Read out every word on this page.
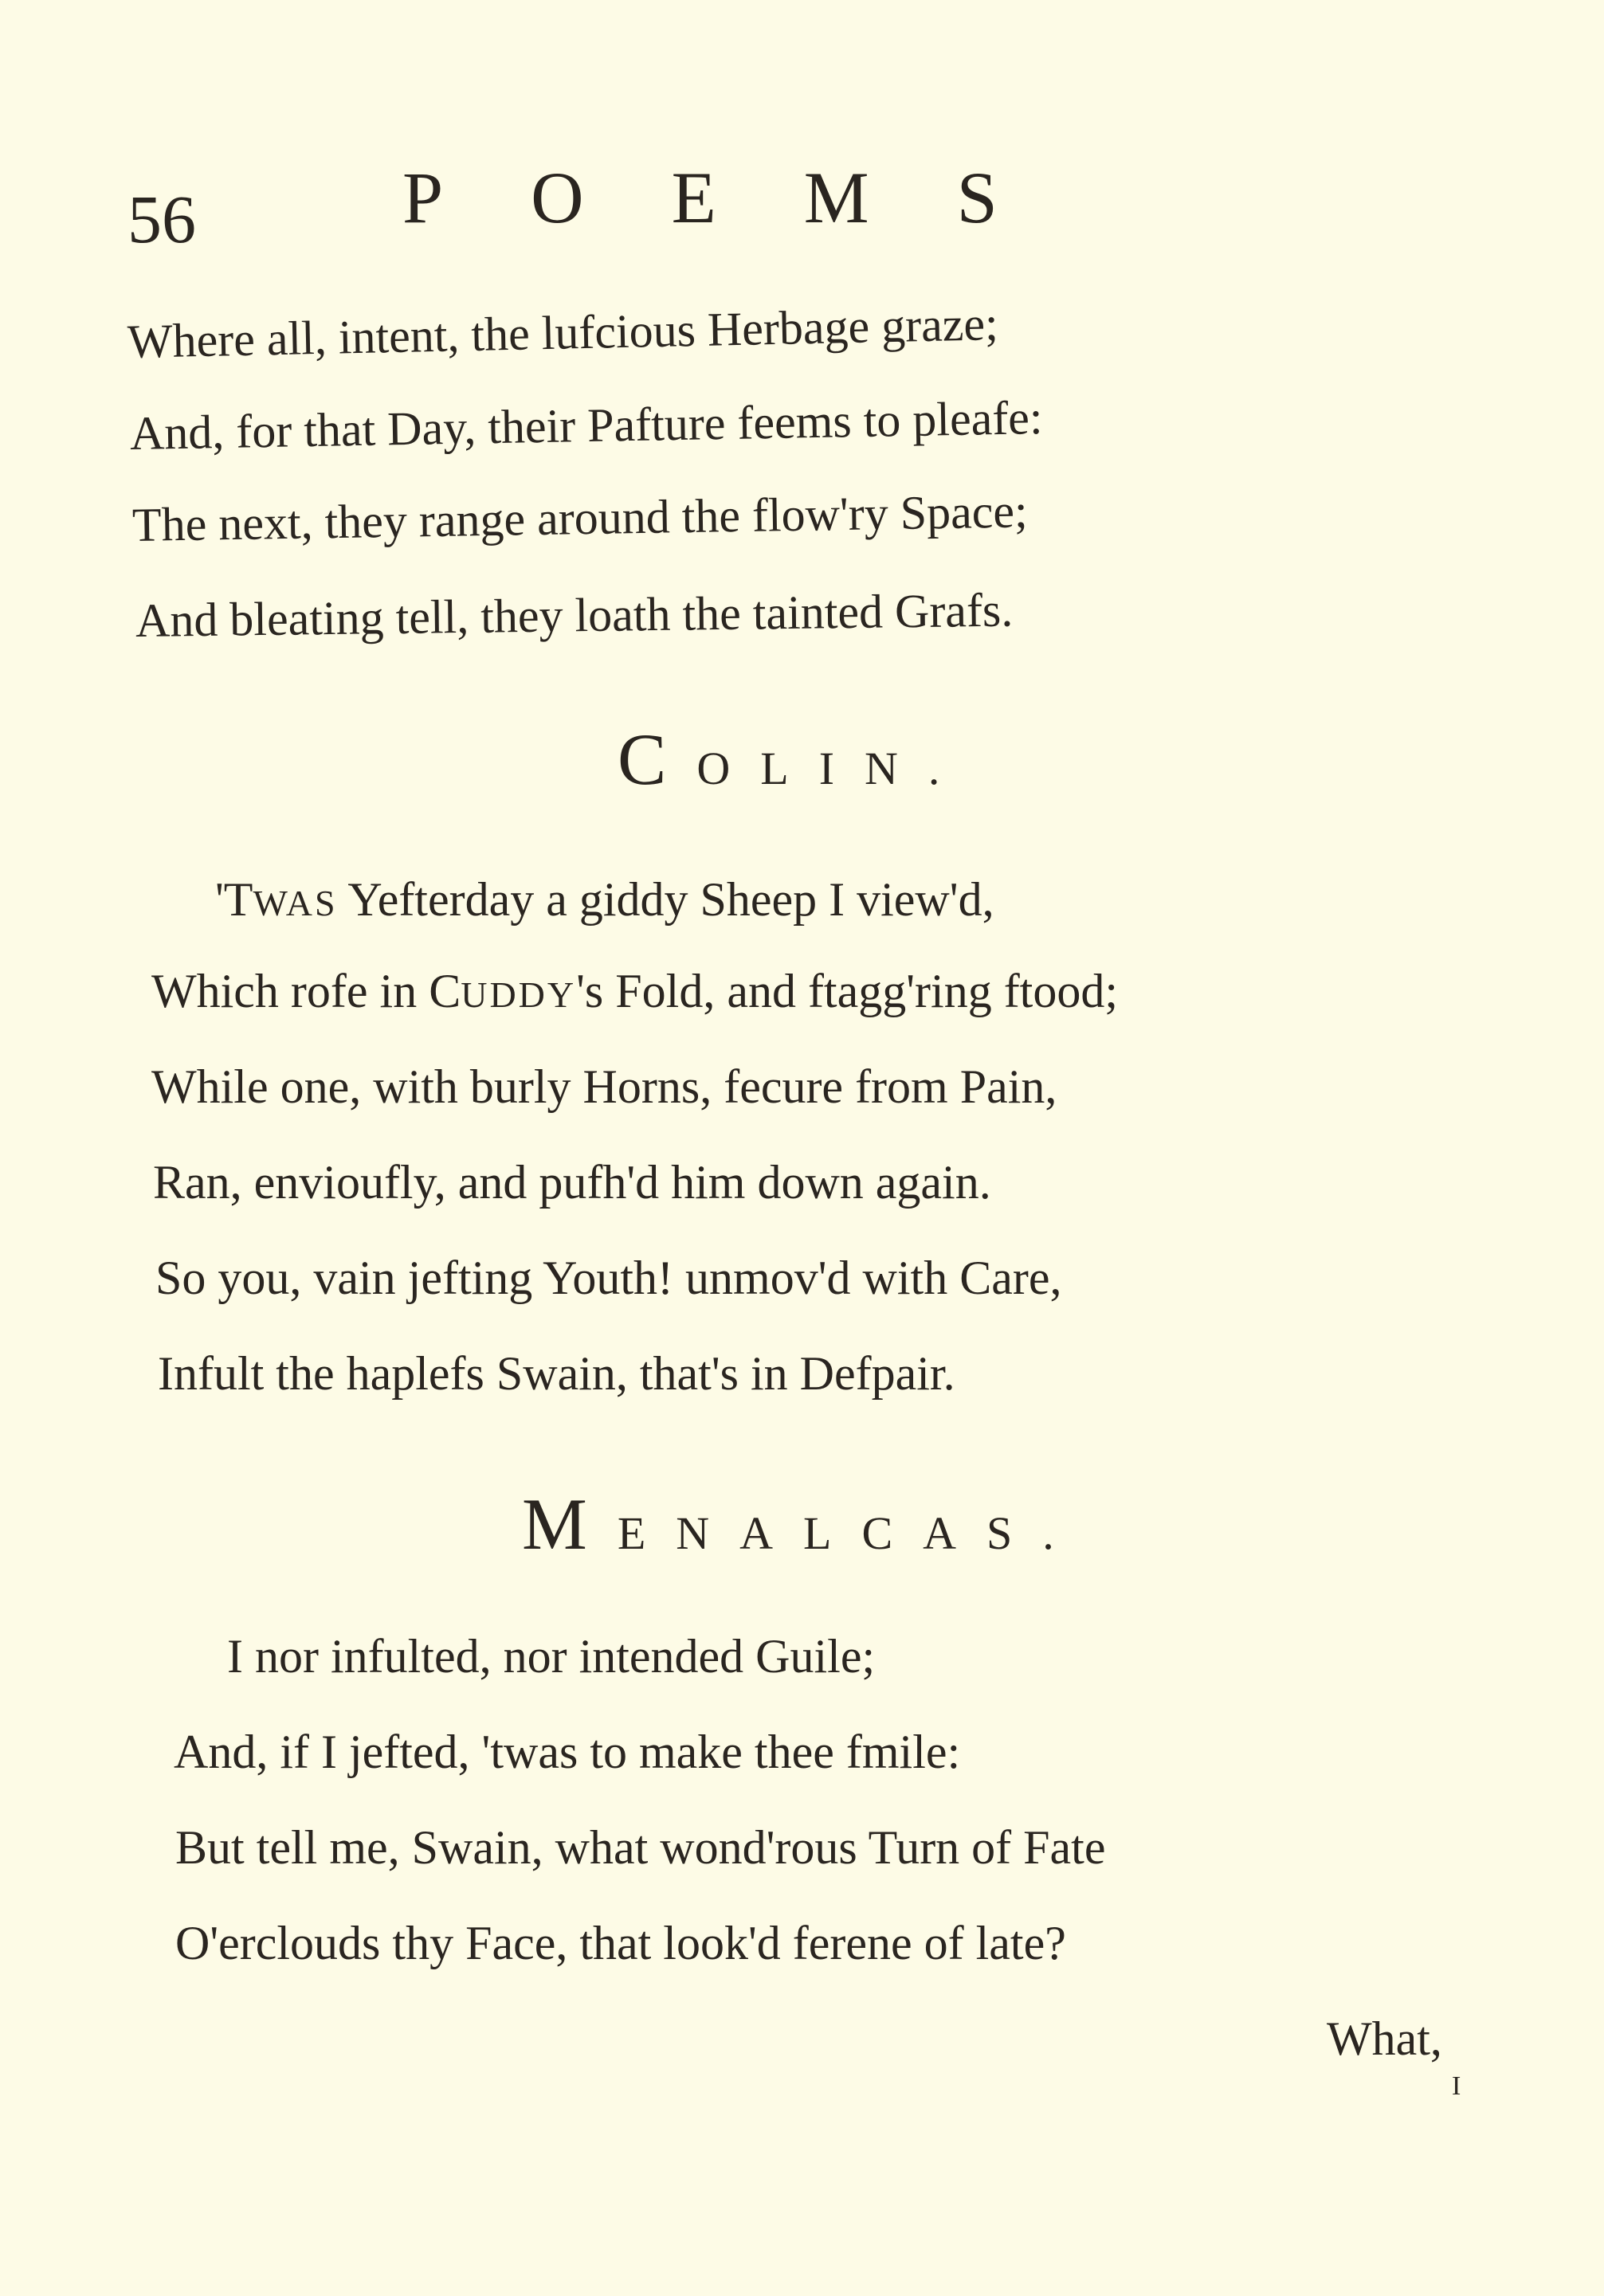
56	POEMS
Where all, intent, the lufcious Herbage graze;
And, for that Day, their Pafture feems to pleafe:
The next, they range around the flow'ry Space;
And bleating tell, they loath the tainted Grafs.
COLIN.
'TWAS Yefterday a giddy Sheep I view'd,
Which rofe in CUDDY's Fold, and ftagg'ring ftood;
While one, with burly Horns, fecure from Pain,
Ran, envioufly, and pufh'd him down again.
So you, vain jefting Youth! unmov'd with Care,
Infult the haplefs Swain, that's in Defpair.
MENALCAS.
I nor infulted, nor intended Guile;
And, if I jefted, 'twas to make thee fmile:
But tell me, Swain, what wond'rous Turn of Fate
O'erclouds thy Face, that look'd ferene of late?
What,
I
